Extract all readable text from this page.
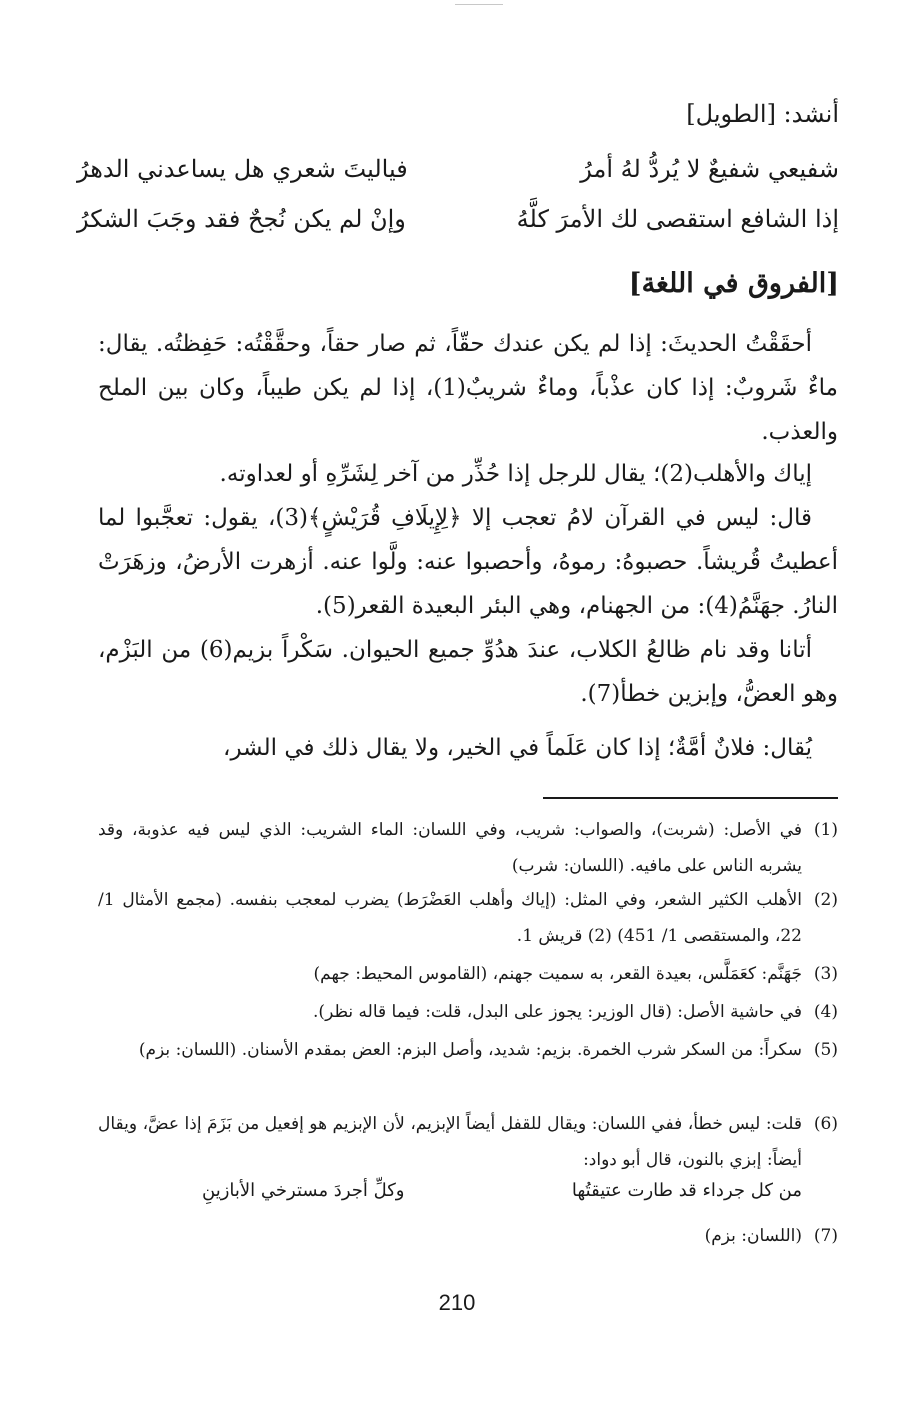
أنشد: [الطويل]
شفيعي شفيعٌ لا يُردُّ لهُ أمرُ
فياليتَ شعري هل يساعدني الدهرُ
إذا الشافع استقصى لك الأمرَ كلَّهُ
وإنْ لم يكن نُجحٌ فقد وجَبَ الشكرُ
[الفروق في اللغة]
أحقَقْتُ الحديثَ: إذا لم يكن عندك حقّاً، ثم صار حقاً، وحقَّقْتُه: حَفِظتُه. يقال: ماءٌ شَروبٌ: إذا كان عذْباً، وماءٌ شريبٌ(1)، إذا لم يكن طيباً، وكان بين الملح والعذب.
إياك والأهلب(2)؛ يقال للرجل إذا حُذِّر من آخر لِشَرِّهِ أو لعداوته.
قال: ليس في القرآن لامُ تعجب إلا ﴿لِإِيلَافِ قُرَيْشٍ﴾(3)، يقول: تعجَّبوا لما أعطيتُ قُريشاً. حصبوهُ: رموهُ، وأحصبوا عنه: ولَّوا عنه. أزهرت الأرضُ، وزهَرَتْ النارُ. جهَنَّمُ(4): من الجهنام، وهي البئر البعيدة القعر(5).
أتانا وقد نام ظالعُ الكلاب، عندَ هدُوِّ جميع الحيوان. سَكْراً بزيم(6) من البَزْم، وهو العضُّ، وإبزين خطأ(7).
يُقال: فلانٌ أمَّةٌ؛ إذا كان عَلَماً في الخير، ولا يقال ذلك في الشر،
(1)
في الأصل: (شربت)، والصواب: شريب، وفي اللسان: الماء الشريب: الذي ليس فيه عذوبة، وقد يشربه الناس على مافيه. (اللسان: شرب)
(2)
الأهلب الكثير الشعر، وفي المثل: (إياك وأهلب العَضْرَط) يضرب لمعجب بنفسه. (مجمع الأمثال 1/ 22، والمستقصى 1/ 451) (2) قريش 1.
(3)
جَهَنَّم: كعَمَلَّس، بعيدة القعر، به سميت جهنم، (القاموس المحيط: جهم)
(4)
في حاشية الأصل: (قال الوزير: يجوز على البدل، قلت: فيما قاله نظر).
(5)
سكراً: من السكر شرب الخمرة. بزيم: شديد، وأصل البزم: العض بمقدم الأسنان. (اللسان: بزم)
(6)
قلت: ليس خطأ، ففي اللسان: ويقال للقفل أيضاً الإبزيم، لأن الإبزيم هو إفعيل من بَزَمَ إذا عضَّ، ويقال أيضاً: إبزي بالنون، قال أبو دواد:
من كل جرداء قد طارت عتيقتُها
وكلِّ أجردَ مسترخي الأبازينِ
(7)
(اللسان: بزم)
210
